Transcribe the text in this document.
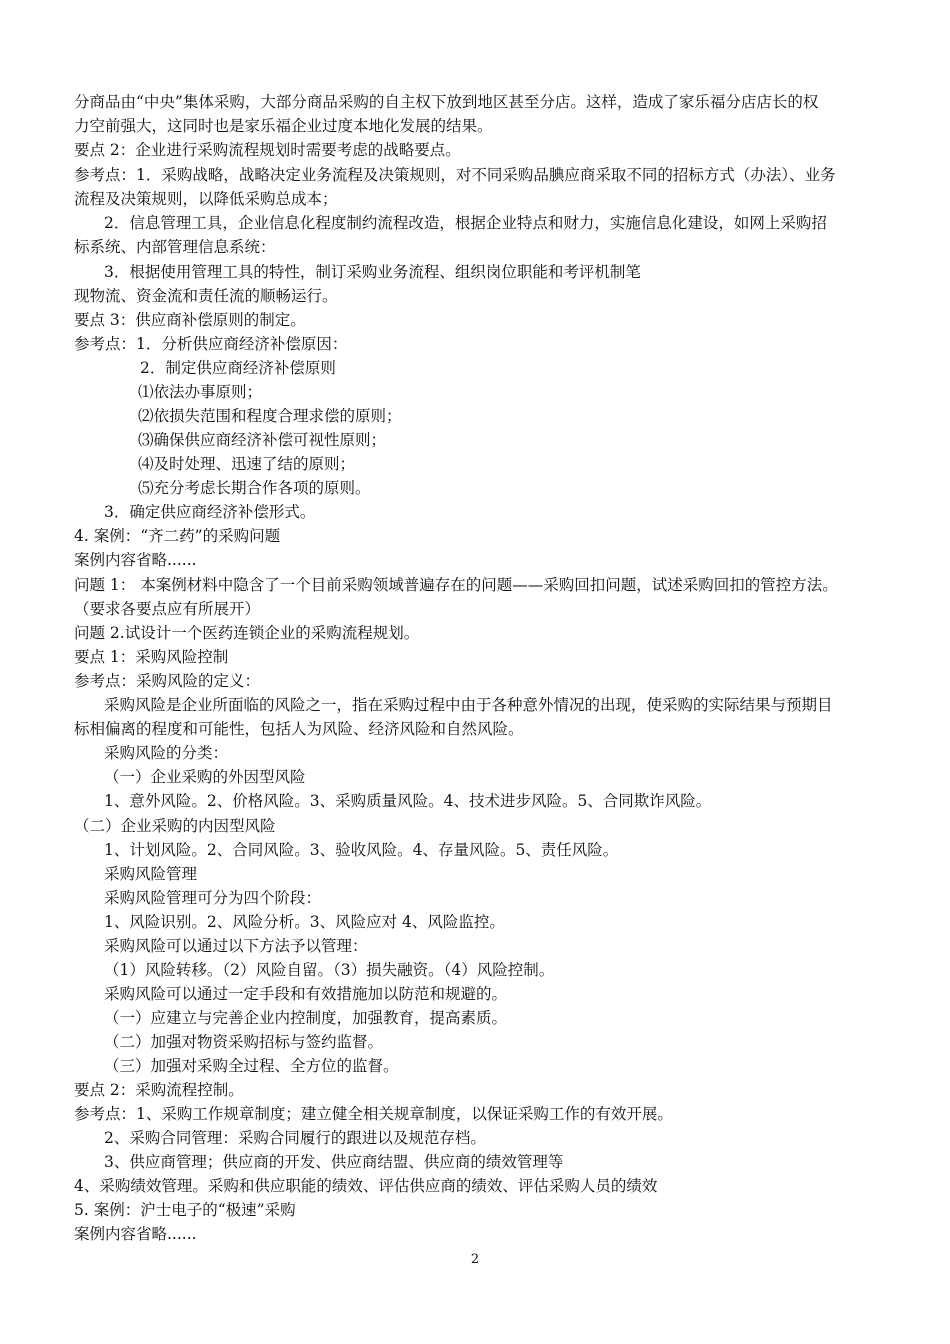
分商品由“中央”集体采购，大部分商品采购的自主权下放到地区甚至分店。这样，造成了家乐福分店店长的权
力空前强大，这同时也是家乐福企业过度本地化发展的结果。
要点 2：企业进行采购流程规划时需要考虑的战略要点。
参考点：1．采购战略，战略决定业务流程及决策规则，对不同采购品腆应商采取不同的招标方式（办法）、业务
流程及决策规则，以降低采购总成本；
2．信息管理工具，企业信息化程度制约流程改造，根据企业特点和财力，实施信息化建设，如网上采购招
标系统、内部管理信息系统：
3．根据使用管理工具的特性，制订采购业务流程、组织岗位职能和考评机制笔
现物流、资金流和责任流的顺畅运行。
要点 3：供应商补偿原则的制定。
参考点：1．分析供应商经济补偿原因：
2．制定供应商经济补偿原则
⑴依法办事原则；
⑵依损失范围和程度合理求偿的原则；
⑶确保供应商经济补偿可视性原则；
⑷及时处理、迅速了结的原则；
⑸充分考虑长期合作各项的原则。
3．确定供应商经济补偿形式。
4. 案例：“齐二药”的采购问题
案例内容省略......
问题 1： 本案例材料中隐含了一个目前采购领域普遍存在的问题——采购回扣问题，试述采购回扣的管控方法。
（要求各要点应有所展开）
问题 2.试设计一个医药连锁企业的采购流程规划。
要点 1：采购风险控制
参考点：采购风险的定义：
采购风险是企业所面临的风险之一，指在采购过程中由于各种意外情况的出现，使采购的实际结果与预期目
标相偏离的程度和可能性，包括人为风险、经济风险和自然风险。
采购风险的分类：
（一）企业采购的外因型风险
1、意外风险。2、价格风险。3、采购质量风险。4、技术进步风险。5、合同欺诈风险。
（二）企业采购的内因型风险
1、计划风险。2、合同风险。3、验收风险。4、存量风险。5、责任风险。
采购风险管理
采购风险管理可分为四个阶段：
1、风险识别。2、风险分析。3、风险应对 4、风险监控。
采购风险可以通过以下方法予以管理：
（1）风险转移。（2）风险自留。（3）损失融资。（4）风险控制。
采购风险可以通过一定手段和有效措施加以防范和规避的。
（一）应建立与完善企业内控制度，加强教育，提高素质。
（二）加强对物资采购招标与签约监督。
（三）加强对采购全过程、全方位的监督。
要点 2：采购流程控制。
参考点：1、采购工作规章制度；建立健全相关规章制度，以保证采购工作的有效开展。
2、采购合同管理：采购合同履行的跟进以及规范存档。
3、供应商管理；供应商的开发、供应商结盟、供应商的绩效管理等
4、采购绩效管理。采购和供应职能的绩效、评估供应商的绩效、评估采购人员的绩效
5. 案例：沪士电子的“极速”采购
案例内容省略......
2
